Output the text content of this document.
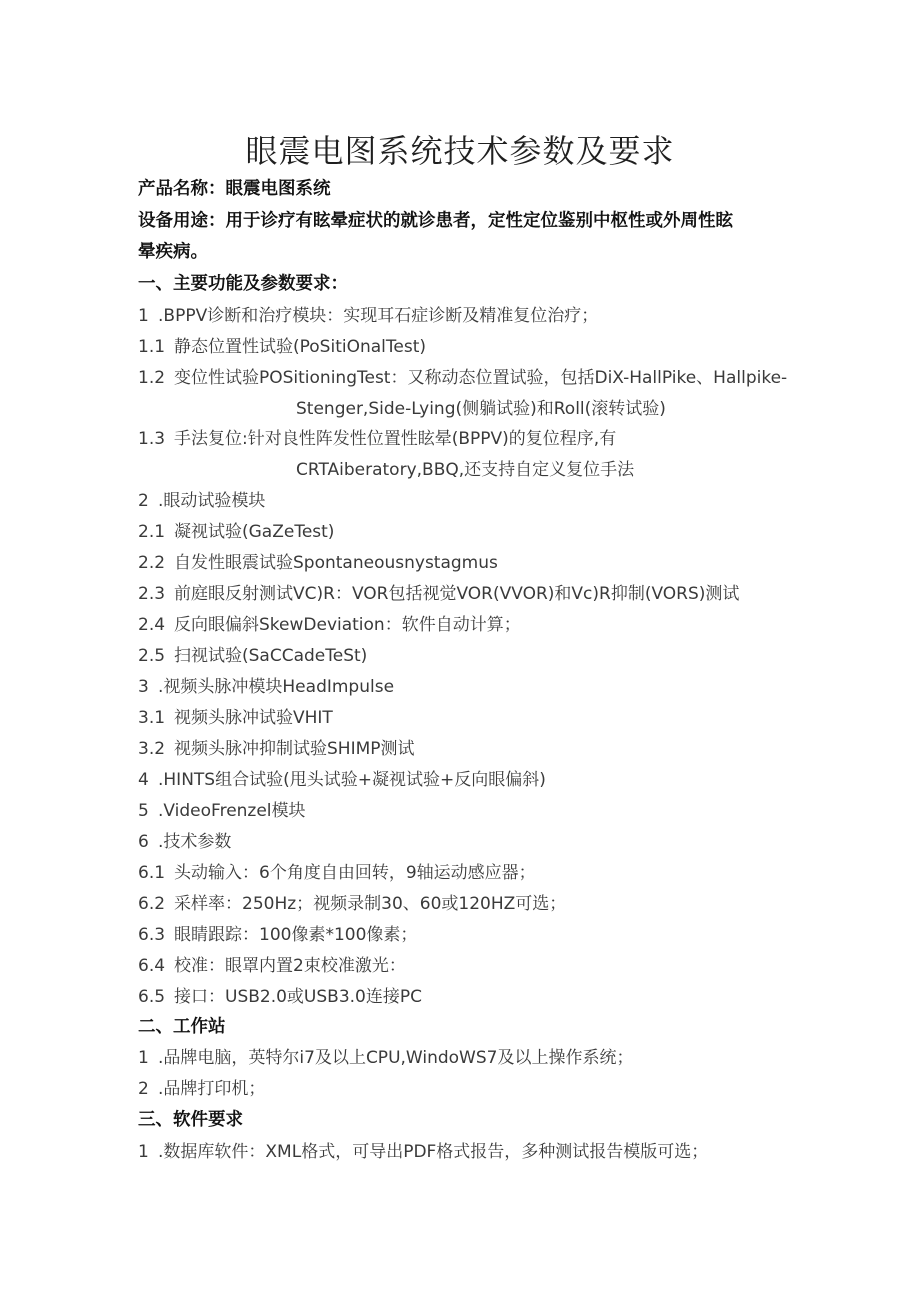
眼震电图系统技术参数及要求
产品名称：眼震电图系统
设备用途：用于诊疗有眩晕症状的就诊患者，定性定位鉴别中枢性或外周性眩
晕疾病。
一、主要功能及参数要求：
1 .BPPV诊断和治疗模块：实现耳石症诊断及精准复位治疗；
1.1 静态位置性试验(PoSitiOnalTest)
1.2 变位性试验POSitioningTest：又称动态位置试验，包括DiX-HallPike、Hallpike-
Stenger,Side-Lying(侧躺试验)和Roll(滚转试验)
1.3 手法复位:针对良性阵发性位置性眩晕(BPPV)的复位程序,有
CRTAiberatory,BBQ,还支持自定义复位手法
2 .眼动试验模块
2.1 凝视试验(GaZeTest)
2.2 自发性眼震试验Spontaneousnystagmus
2.3 前庭眼反射测试VC)R：VOR包括视觉VOR(VVOR)和Vc)R抑制(VORS)测试
2.4 反向眼偏斜SkewDeviation：软件自动计算；
2.5 扫视试验(SaCCadeTeSt)
3 .视频头脉冲模块HeadImpulse
3.1 视频头脉冲试验VHIT
3.2 视频头脉冲抑制试验SHIMP测试
4 .HINTS组合试验(甩头试验+凝视试验+反向眼偏斜)
5 .VideoFrenzel模块
6 .技术参数
6.1 头动输入：6个角度自由回转，9轴运动感应器；
6.2 采样率：250Hz；视频录制30、60或120HZ可选；
6.3 眼睛跟踪：100像素*100像素；
6.4 校准：眼罩内置2束校准激光：
6.5 接口：USB2.0或USB3.0连接PC
二、工作站
1 .品牌电脑，英特尔i7及以上CPU,WindoWS7及以上操作系统；
2 .品牌打印机；
三、软件要求
1 .数据库软件：XML格式，可导出PDF格式报告，多种测试报告模版可选；
